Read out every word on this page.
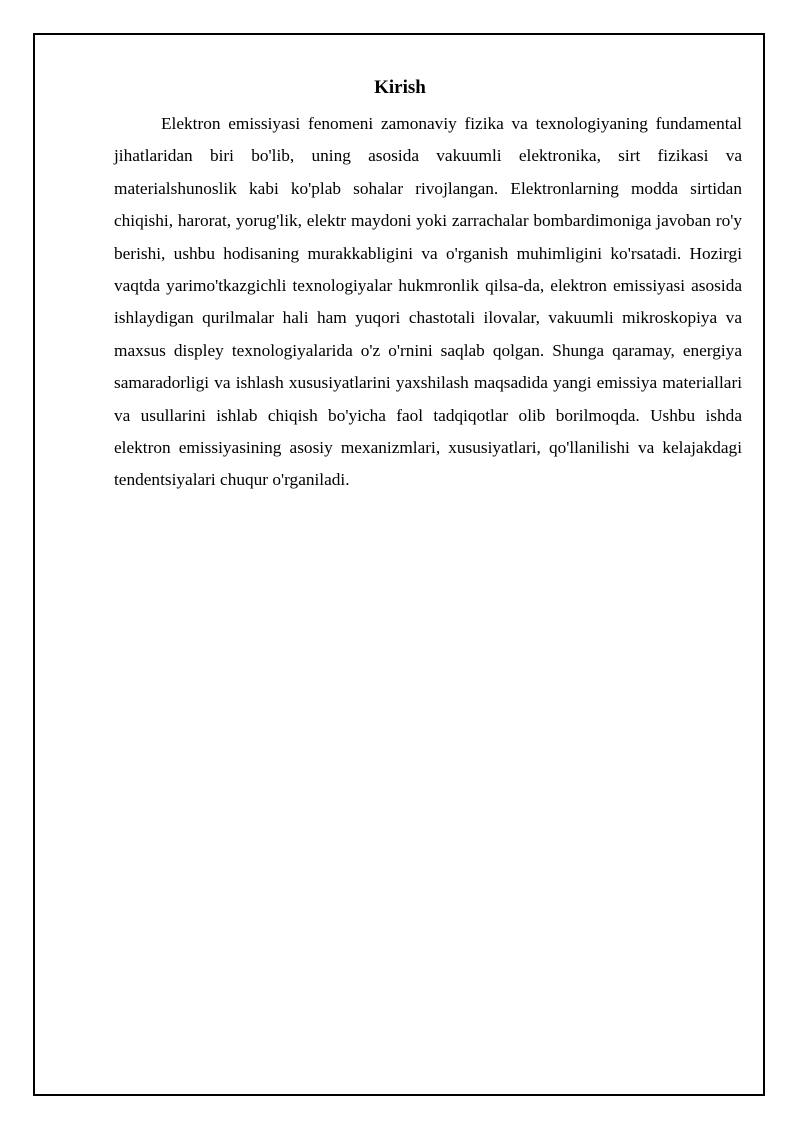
Kirish

Elektron emissiyasi fenomeni zamonaviy fizika va texnologiyaning fundamental jihatlaridan biri bo'lib, uning asosida vakuumli elektronika, sirt fizikasi va materialshunoslik kabi ko'plab sohalar rivojlangan. Elektronlarning modda sirtidan chiqishi, harorat, yorug'lik, elektr maydoni yoki zarrachalar bombardimoniga javoban ro'y berishi, ushbu hodisaning murakkabligini va o'rganish muhimligini ko'rsatadi. Hozirgi vaqtda yarimo'tkazgichli texnologiyalar hukmronlik qilsa-da, elektron emissiyasi asosida ishlaydigan qurilmalar hali ham yuqori chastotali ilovalar, vakuumli mikroskopiya va maxsus displey texnologiyalarida o'z o'rnini saqlab qolgan. Shunga qaramay, energiya samaradorligi va ishlash xususiyatlarini yaxshilash maqsadida yangi emissiya materiallari va usullarini ishlab chiqish bo'yicha faol tadqiqotlar olib borilmoqda. Ushbu ishda elektron emissiyasining asosiy mexanizmlari, xususiyatlari, qo'llanilishi va kelajakdagi tendentsiyalari chuqur o'rganiladi.
